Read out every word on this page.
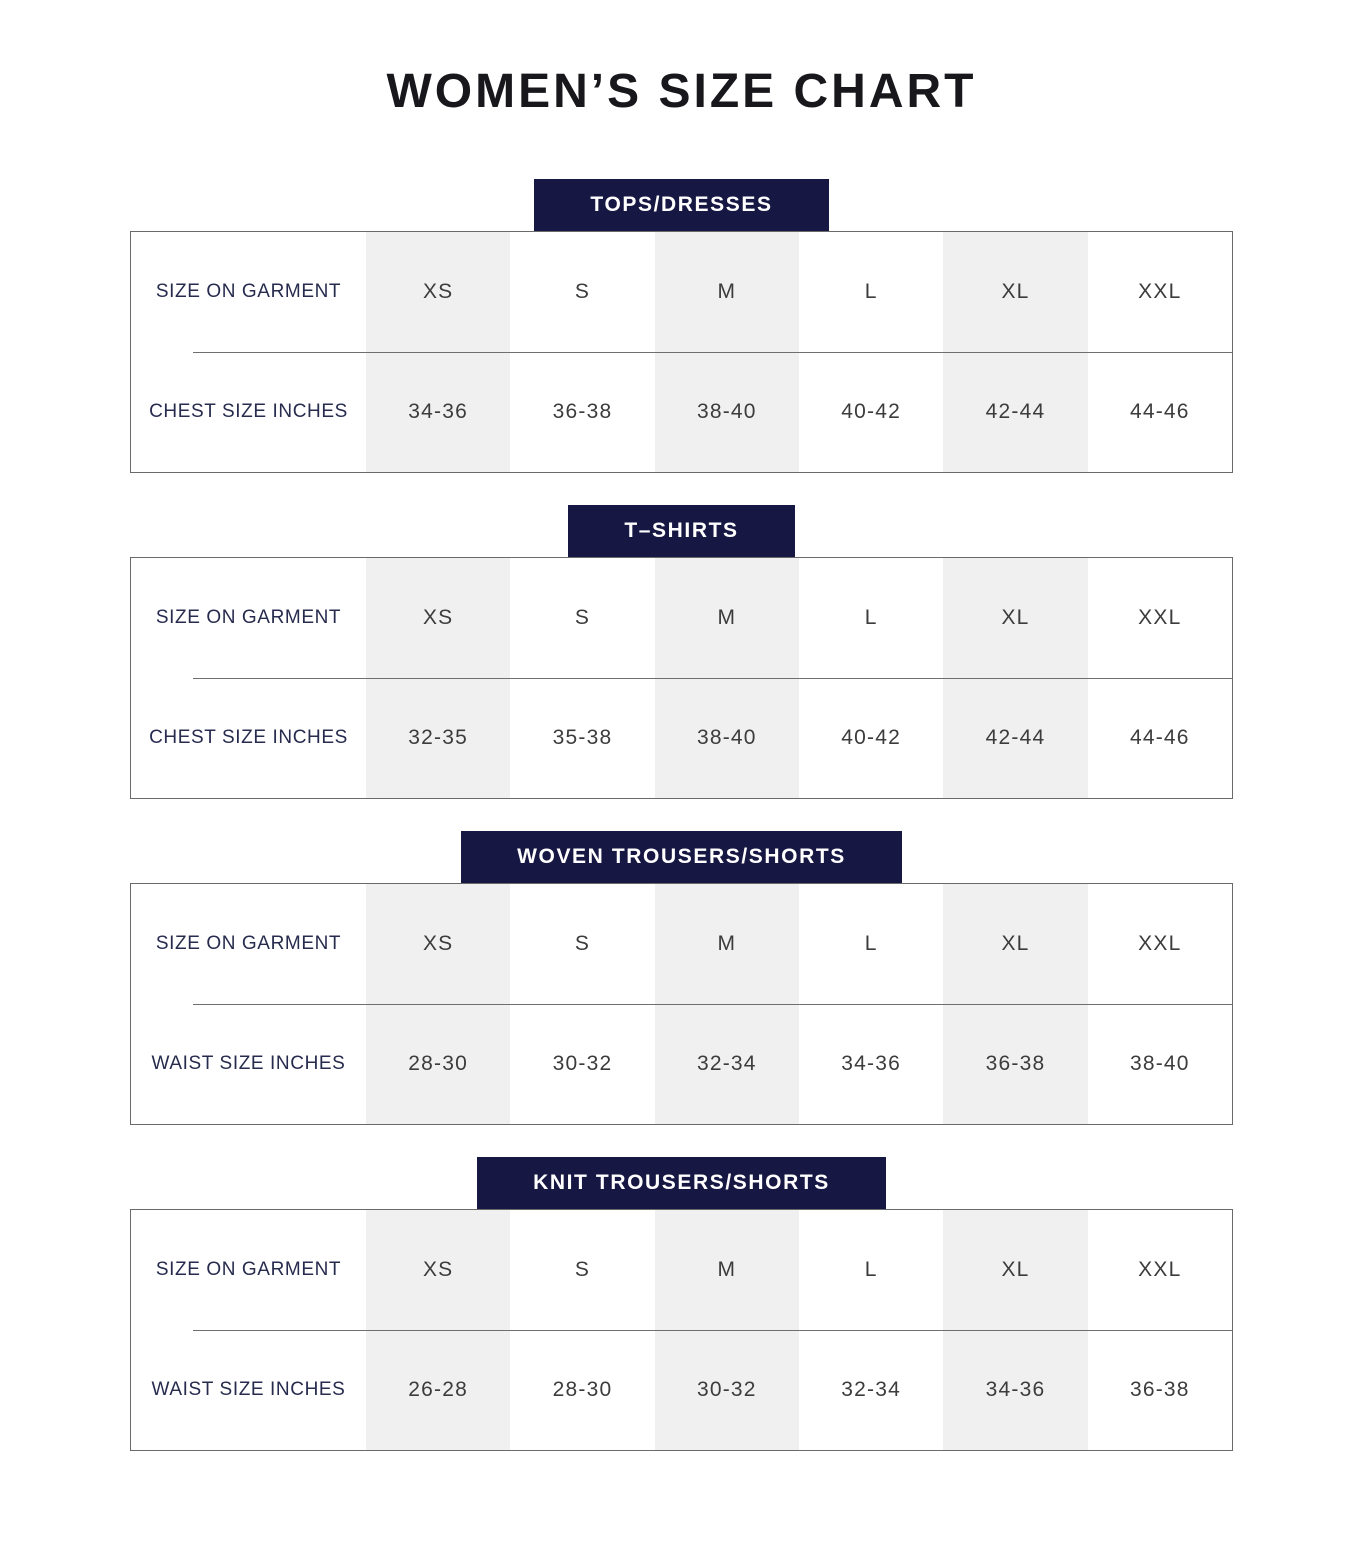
WOMEN’S SIZE CHART
TOPS/DRESSES
SIZE ON GARMENT	XS	S	M	L	XL	XXL
CHEST SIZE INCHES	34-36	36-38	38-40	40-42	42-44	44-46
T–SHIRTS
SIZE ON GARMENT	XS	S	M	L	XL	XXL
CHEST SIZE INCHES	32-35	35-38	38-40	40-42	42-44	44-46
WOVEN TROUSERS/SHORTS
SIZE ON GARMENT	XS	S	M	L	XL	XXL
WAIST SIZE INCHES	28-30	30-32	32-34	34-36	36-38	38-40
KNIT TROUSERS/SHORTS
SIZE ON GARMENT	XS	S	M	L	XL	XXL
WAIST SIZE INCHES	26-28	28-30	30-32	32-34	34-36	36-38
